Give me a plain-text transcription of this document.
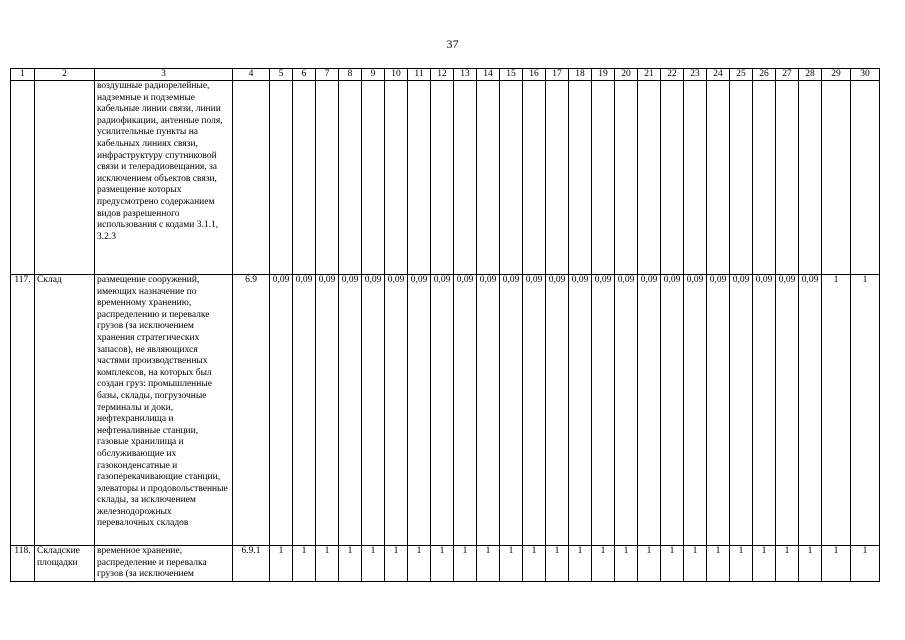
37
1	2	3	4	5	6	7	8	9	10	11	12	13	14	15	16	17	18	19	20	21	22	23	24	25	26	27	28	29	30
		воздушные радиорелейные, надземные и подземные кабельные линии связи, линии радиофикации, антенные поля, усилительные пункты на кабельных линиях связи, инфраструктуру спутниковой связи и телерадиовещания, за исключением объектов связи, размещение которых предусмотрено содержанием видов разрешенного использования с кодами 3.1.1, 3.2.3																											
117.	Склад	размещение сооружений, имеющих назначение по временному хранению, распределению и перевалке грузов (за исключением хранения стратегических запасов), не являющихся частями производственных комплексов, на которых был создан груз: промышленные базы, склады, погрузочные терминалы и доки, нефтехранилища и нефтеналивные станции, газовые хранилища и обслуживающие их газоконденсатные и газоперекачивающие станции, элеваторы и продовольственные склады, за исключением железнодорожных перевалочных складов	6.9	0,09	0,09	0,09	0,09	0,09	0,09	0,09	0,09	0,09	0,09	0,09	0,09	0,09	0,09	0,09	0,09	0,09	0,09	0,09	0,09	0,09	0,09	0,09	0,09	1	1
118.	Складские площадки	временное хранение, распределение и перевалка грузов (за исключением	6.9.1	1	1	1	1	1	1	1	1	1	1	1	1	1	1	1	1	1	1	1	1	1	1	1	1	1	1
